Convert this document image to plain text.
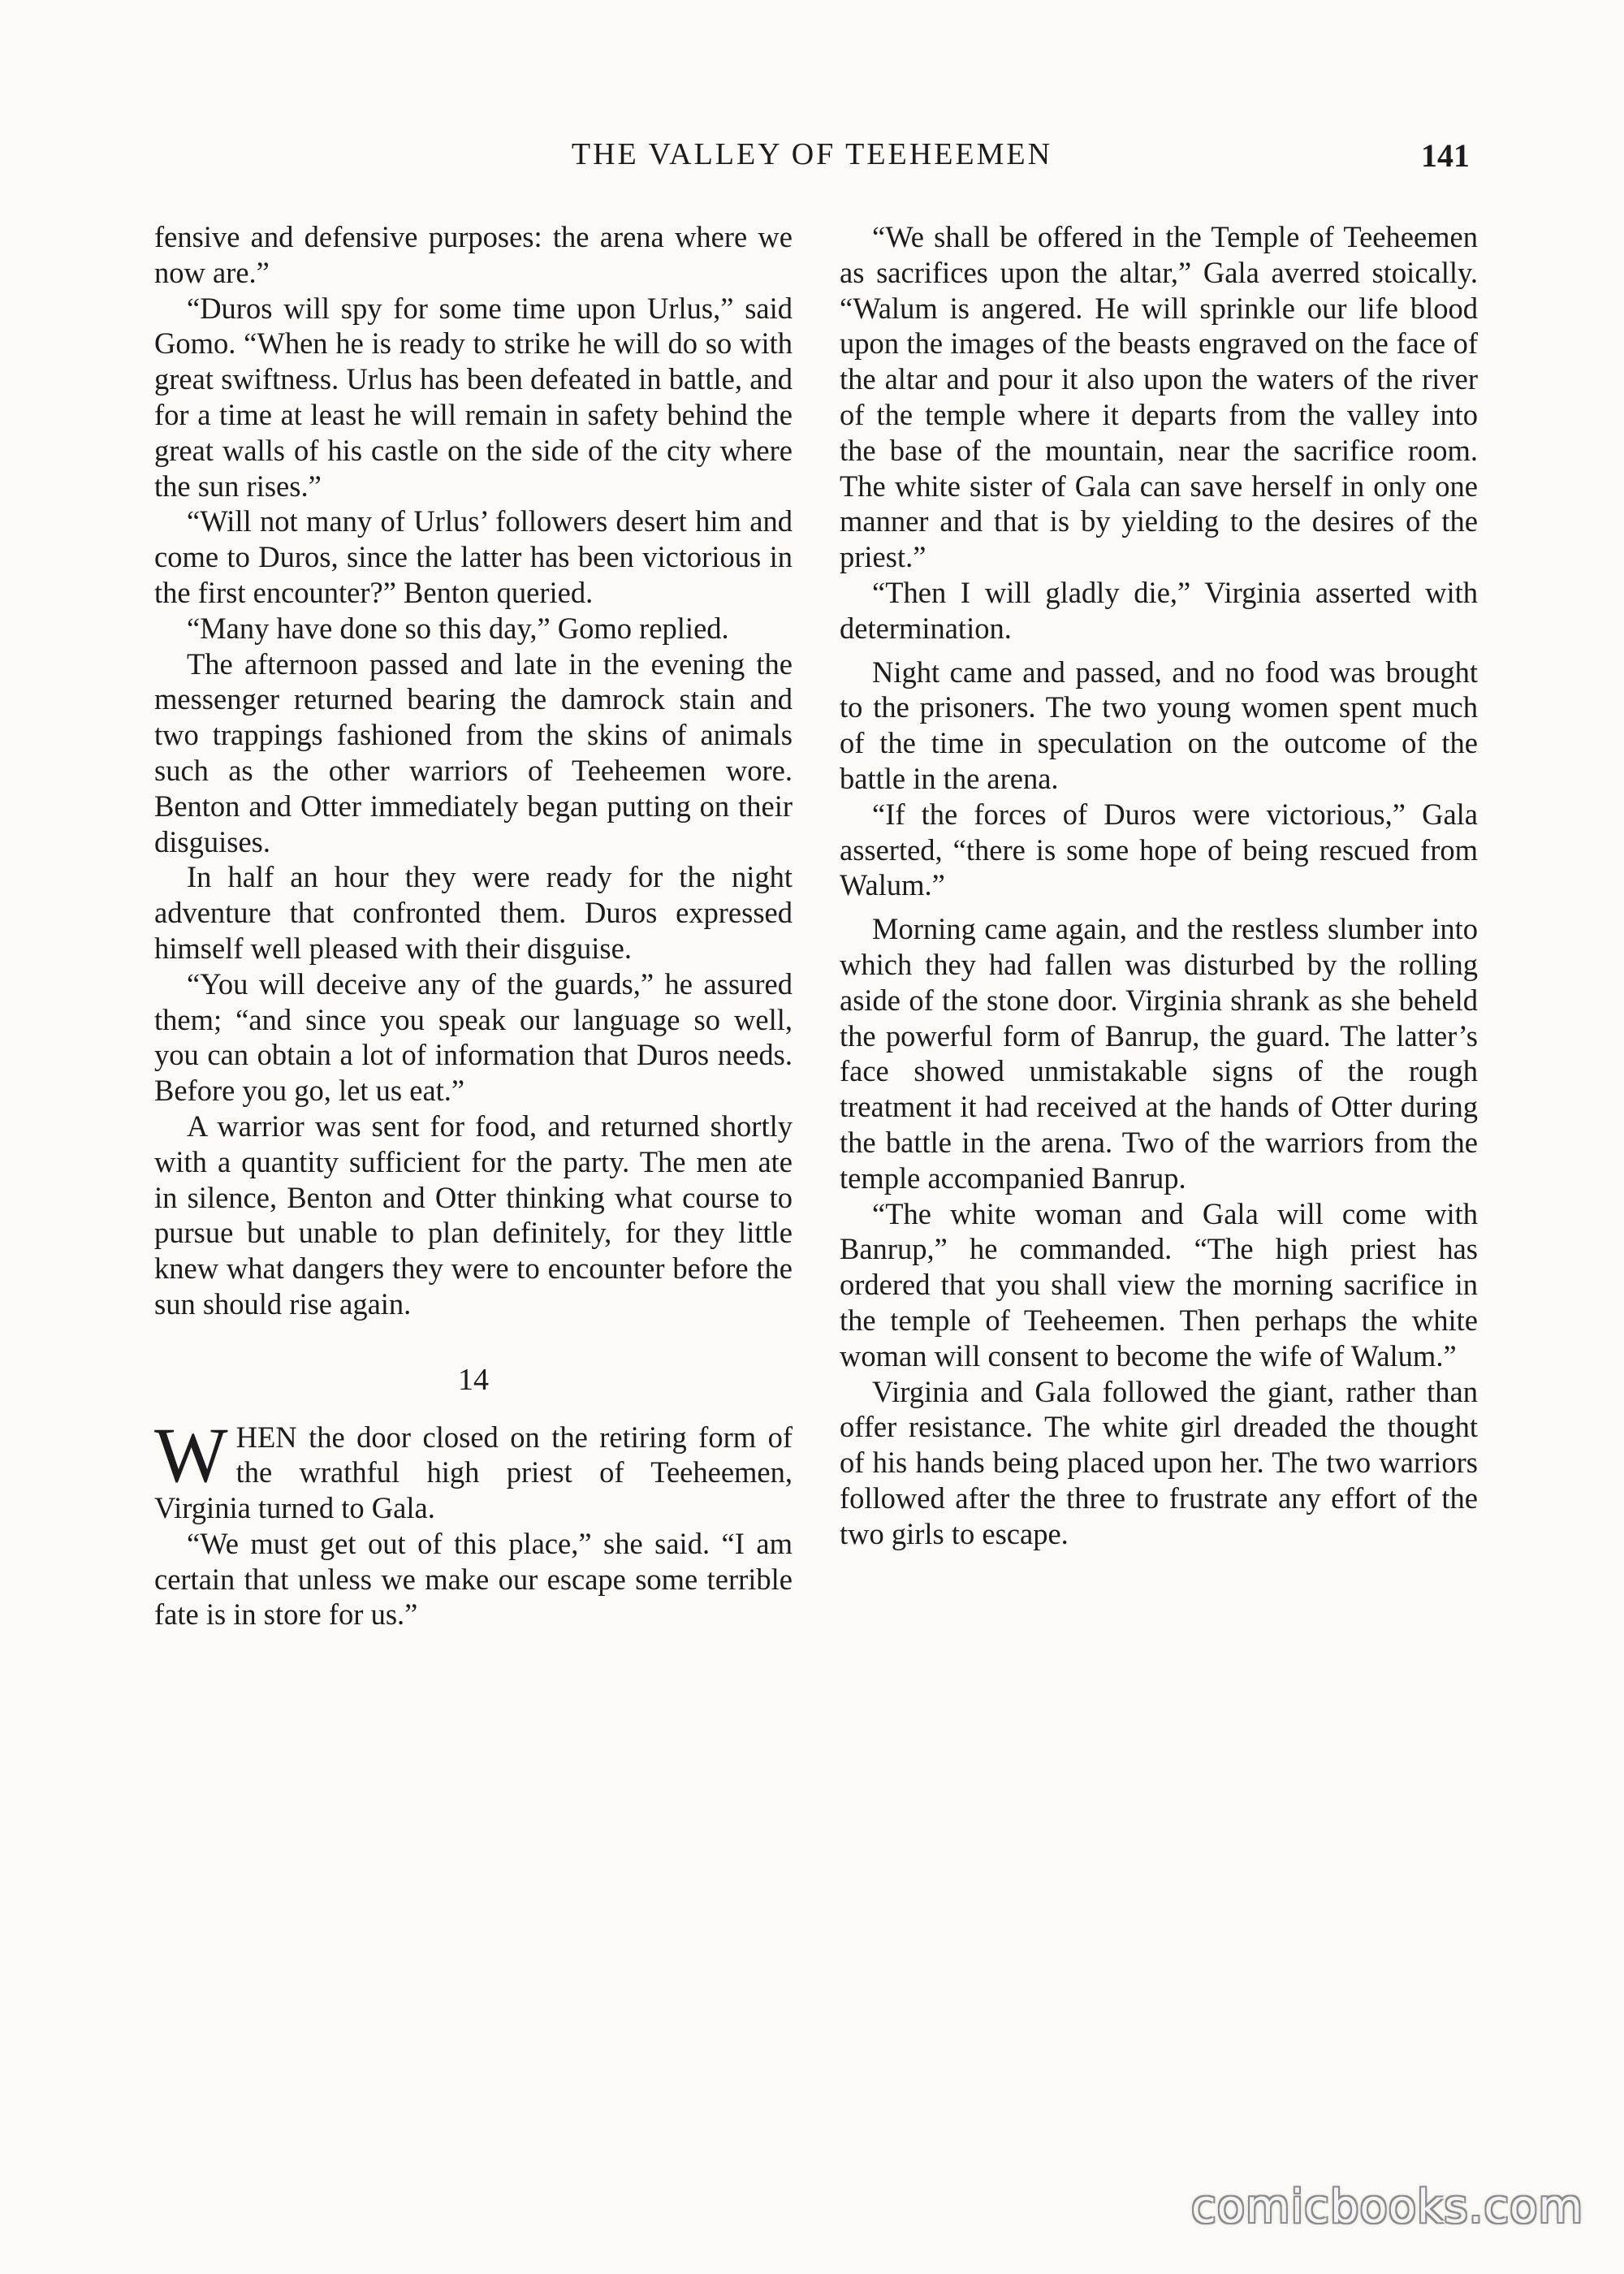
THE VALLEY OF TEEHEEMEN	141

fensive and defensive purposes: the arena where we now are.”

“Duros will spy for some time upon Urlus,” said Gomo. “When he is ready to strike he will do so with great swiftness. Urlus has been defeated in battle, and for a time at least he will remain in safety behind the great walls of his castle on the side of the city where the sun rises.”

“Will not many of Urlus’ followers desert him and come to Duros, since the latter has been victorious in the first encounter?” Benton queried.

“Many have done so this day,” Gomo replied.

The afternoon passed and late in the evening the messenger returned bearing the damrock stain and two trappings fashioned from the skins of animals such as the other warriors of Teeheemen wore. Benton and Otter immediately began putting on their disguises.

In half an hour they were ready for the night adventure that confronted them. Duros expressed himself well pleased with their disguise.

“You will deceive any of the guards,” he assured them; “and since you speak our language so well, you can obtain a lot of information that Duros needs. Before you go, let us eat.”

A warrior was sent for food, and returned shortly with a quantity sufficient for the party. The men ate in silence, Benton and Otter thinking what course to pursue but unable to plan definitely, for they little knew what dangers they were to encounter before the sun should rise again.

14

WHEN the door closed on the retiring form of the wrathful high priest of Teeheemen, Virginia turned to Gala.

“We must get out of this place,” she said. “I am certain that unless we make our escape some terrible fate is in store for us.”

“We shall be offered in the Temple of Teeheemen as sacrifices upon the altar,” Gala averred stoically. “Walum is angered. He will sprinkle our life blood upon the images of the beasts engraved on the face of the altar and pour it also upon the waters of the river of the temple where it departs from the valley into the base of the mountain, near the sacrifice room. The white sister of Gala can save herself in only one manner and that is by yielding to the desires of the priest.”

“Then I will gladly die,” Virginia asserted with determination.

Night came and passed, and no food was brought to the prisoners. The two young women spent much of the time in speculation on the outcome of the battle in the arena.

“If the forces of Duros were victorious,” Gala asserted, “there is some hope of being rescued from Walum.”

Morning came again, and the restless slumber into which they had fallen was disturbed by the rolling aside of the stone door. Virginia shrank as she beheld the powerful form of Banrup, the guard. The latter’s face showed unmistakable signs of the rough treatment it had received at the hands of Otter during the battle in the arena. Two of the warriors from the temple accompanied Banrup.

“The white woman and Gala will come with Banrup,” he commanded. “The high priest has ordered that you shall view the morning sacrifice in the temple of Teeheemen. Then perhaps the white woman will consent to become the wife of Walum.”

Virginia and Gala followed the giant, rather than offer resistance. The white girl dreaded the thought of his hands being placed upon her. The two warriors followed after the three to frustrate any effort of the two girls to escape.

comicbooks.com
